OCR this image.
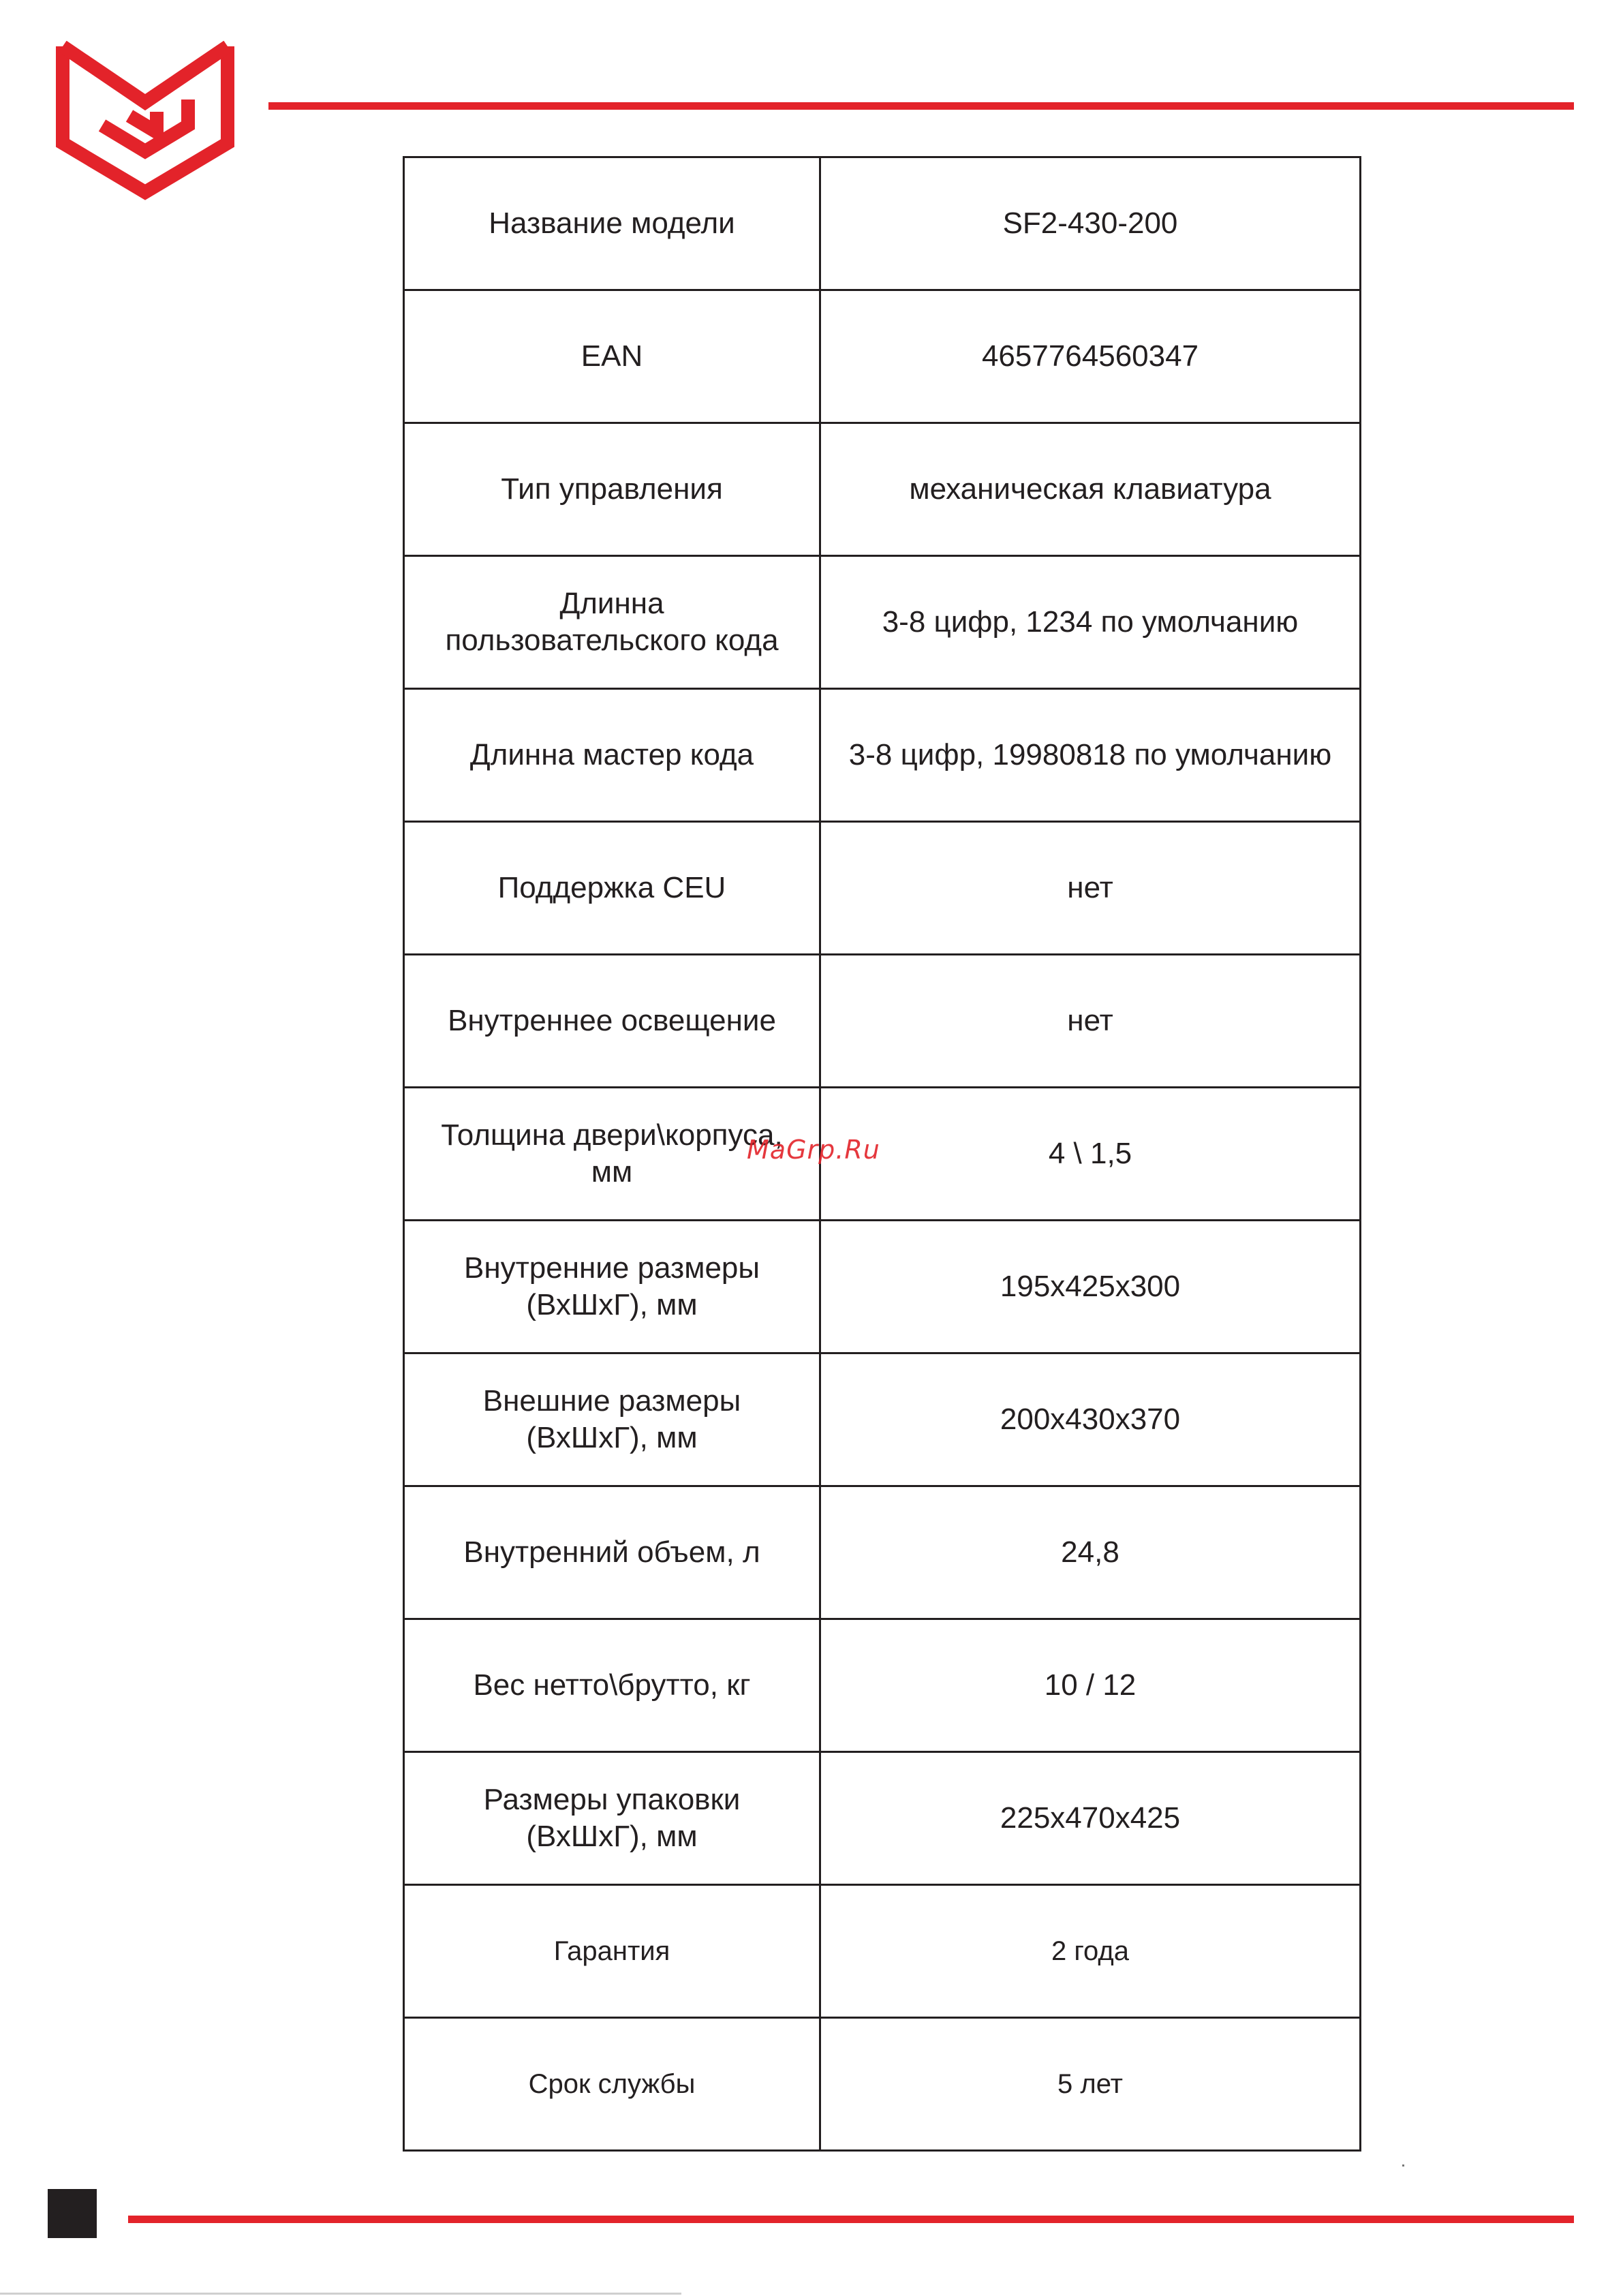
Название модели	SF2-430-200
EAN	4657764560347
Тип управления	механическая клавиатура
Длинна пользовательского кода	3-8 цифр, 1234 по умолчанию
Длинна мастер кода	3-8 цифр, 19980818 по умолчанию
Поддержка CEU	нет
Внутреннее освещение	нет
Толщина двери\корпуса, мм	4 \ 1,5
Внутренние размеры (ВхШхГ), мм	195x425x300
Внешние размеры (ВхШхГ), мм	200x430x370
Внутренний объем, л	24,8
Вес нетто\брутто, кг	10 / 12
Размеры упаковки (ВхШхГ), мм	225x470x425
Гарантия	2 года
Срок службы	5 лет
MaGrp.Ru
